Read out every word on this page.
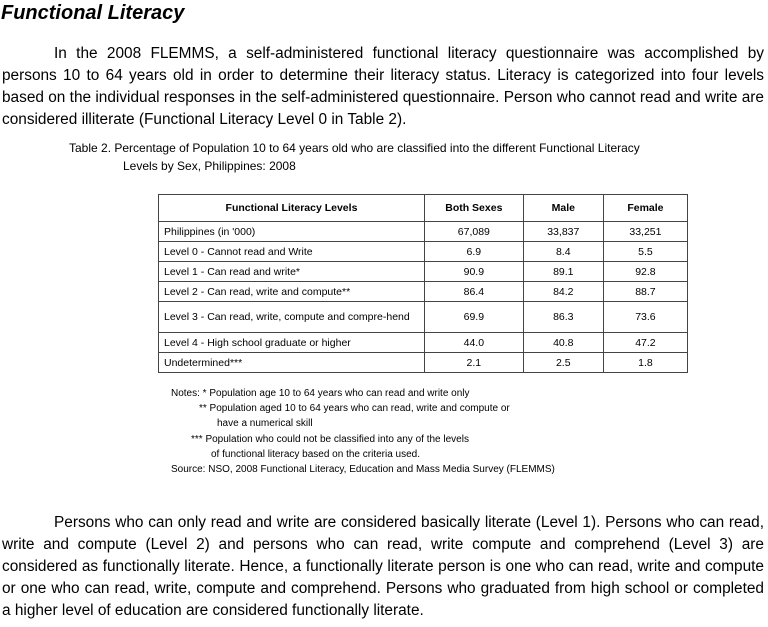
Functional Literacy

In the 2008 FLEMMS, a self-administered functional literacy questionnaire was accomplished by persons 10 to 64 years old in order to determine their literacy status. Literacy is categorized into four levels based on the individual responses in the self-administered questionnaire. Person who cannot read and write are considered illiterate (Functional Literacy Level 0 in Table 2).

Table 2. Percentage of Population 10 to 64 years old who are classified into the different Functional Literacy
Levels by Sex, Philippines: 2008
Functional Literacy Levels	Both Sexes	Male	Female
Philippines (in '000)	67,089	33,837	33,251
Level 0 - Cannot read and Write	6.9	8.4	5.5
Level 1 - Can read and write*	90.9	89.1	92.8
Level 2 - Can read, write and compute**	86.4	84.2	88.7
Level 3 - Can read, write, compute and compre-hend	69.9	86.3	73.6
Level 4 - High school graduate or higher	44.0	40.8	47.2
Undetermined***	2.1	2.5	1.8
Notes: * Population age 10 to 64 years who can read and write only
** Population aged 10 to 64 years who can read, write and compute or
have a numerical skill
*** Population who could not be classified into any of the levels
of functional literacy based on the criteria used.
Source: NSO, 2008 Functional Literacy, Education and Mass Media Survey (FLEMMS)

Persons who can only read and write are considered basically literate (Level 1). Persons who can read, write and compute (Level 2) and persons who can read, write compute and comprehend (Level 3) are considered as functionally literate. Hence, a functionally literate person is one who can read, write and compute or one who can read, write, compute and comprehend. Persons who graduated from high school or completed a higher level of education are considered functionally literate.
